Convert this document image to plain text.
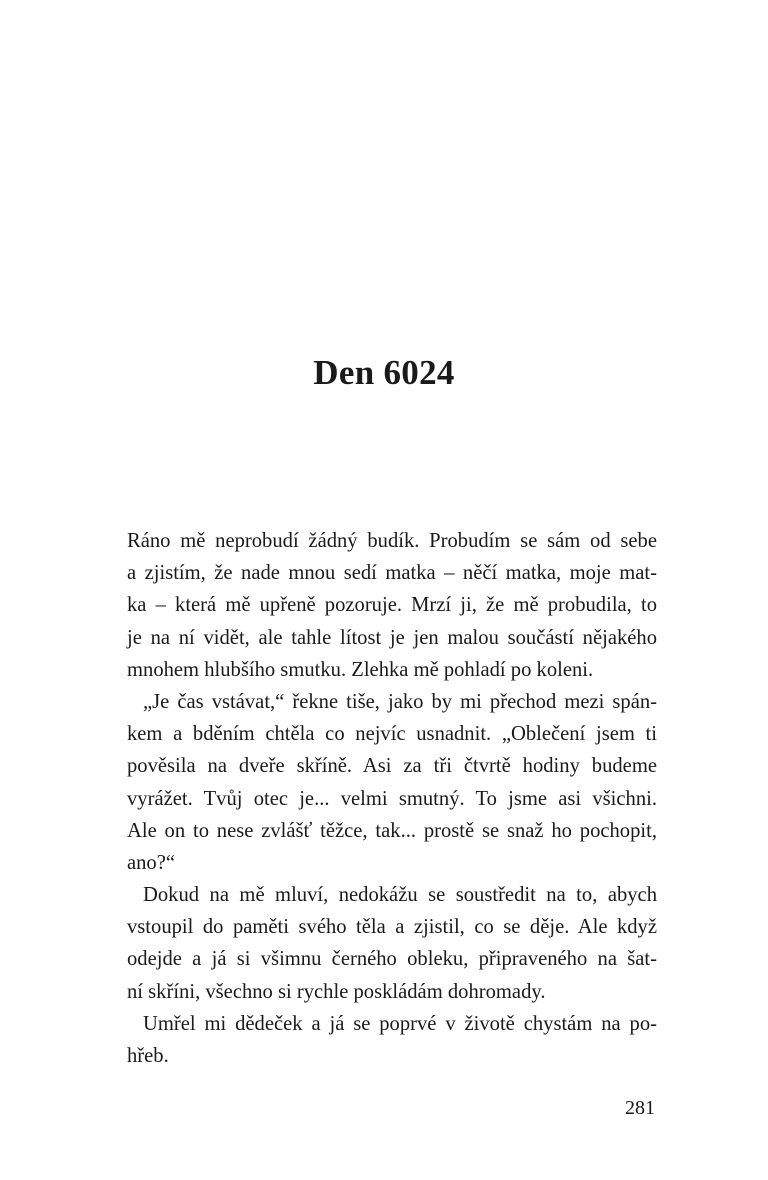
Den 6024

Ráno mě neprobudí žádný budík. Probudím se sám od sebe
a zjistím, že nade mnou sedí matka – něčí matka, moje mat-
ka – která mě upřeně pozoruje. Mrzí ji, že mě probudila, to
je na ní vidět, ale tahle lítost je jen malou součástí nějakého
mnohem hlubšího smutku. Zlehka mě pohladí po koleni.

„Je čas vstávat,“ řekne tiše, jako by mi přechod mezi spán-
kem a bděním chtěla co nejvíc usnadnit. „Oblečení jsem ti
pověsila na dveře skříně. Asi za tři čtvrtě hodiny budeme
vyrážet. Tvůj otec je... velmi smutný. To jsme asi všichni.
Ale on to nese zvlášť těžce, tak... prostě se snaž ho pochopit,
ano?“

Dokud na mě mluví, nedokážu se soustředit na to, abych
vstoupil do paměti svého těla a zjistil, co se děje. Ale když
odejde a já si všimnu černého obleku, připraveného na šat-
ní skříni, všechno si rychle poskládám dohromady.

Umřel mi dědeček a já se poprvé v životě chystám na po-
hřeb.

281
